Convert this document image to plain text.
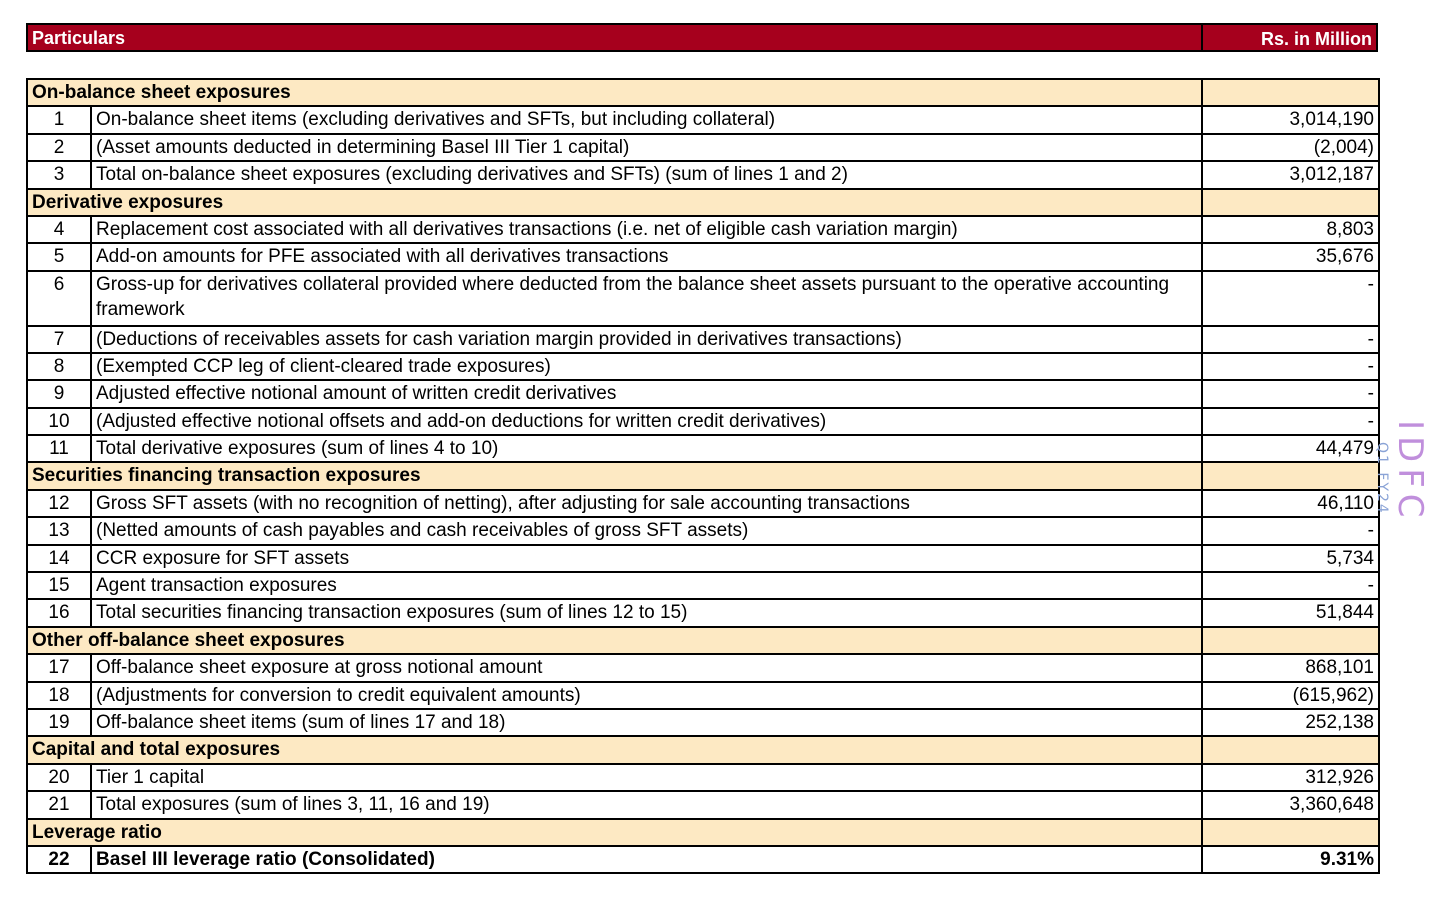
Particulars	Rs. in Million
On-balance sheet exposures		
1	On-balance sheet items (excluding derivatives and SFTs, but including collateral)	3,014,190
2	(Asset amounts deducted in determining Basel III Tier 1 capital)	(2,004)
3	Total on-balance sheet exposures (excluding derivatives and SFTs) (sum of lines 1 and 2)	3,012,187
Derivative exposures		
4	Replacement cost associated with all derivatives transactions (i.e. net of eligible cash variation margin)	8,803
5	Add-on amounts for PFE associated with all derivatives transactions	35,676
6	Gross-up for derivatives collateral provided where deducted from the balance sheet assets pursuant to the operative accounting framework	-
7	(Deductions of receivables assets for cash variation margin provided in derivatives transactions)	-
8	(Exempted CCP leg of client-cleared trade exposures)	-
9	Adjusted effective notional amount of written credit derivatives	-
10	(Adjusted effective notional offsets and add-on deductions for written credit derivatives)	-
11	Total derivative exposures (sum of lines 4 to 10)	44,479
Securities financing transaction exposures		
12	Gross SFT assets (with no recognition of netting), after adjusting for sale accounting transactions	46,110
13	(Netted amounts of cash payables and cash receivables of gross SFT assets)	-
14	CCR exposure for SFT assets	5,734
15	Agent transaction exposures	-
16	Total securities financing transaction exposures (sum of lines 12 to 15)	51,844
Other off-balance sheet exposures		
17	Off-balance sheet exposure at gross notional amount	868,101
18	(Adjustments for conversion to credit equivalent amounts)	(615,962)
19	Off-balance sheet items (sum of lines 17 and 18)	252,138
Capital and total exposures		
20	Tier 1 capital	312,926
21	Total exposures (sum of lines 3, 11, 16 and 19)	3,360,648
Leverage ratio		
22	Basel III leverage ratio (Consolidated)	9.31%
IDFC
Q1 FY24
